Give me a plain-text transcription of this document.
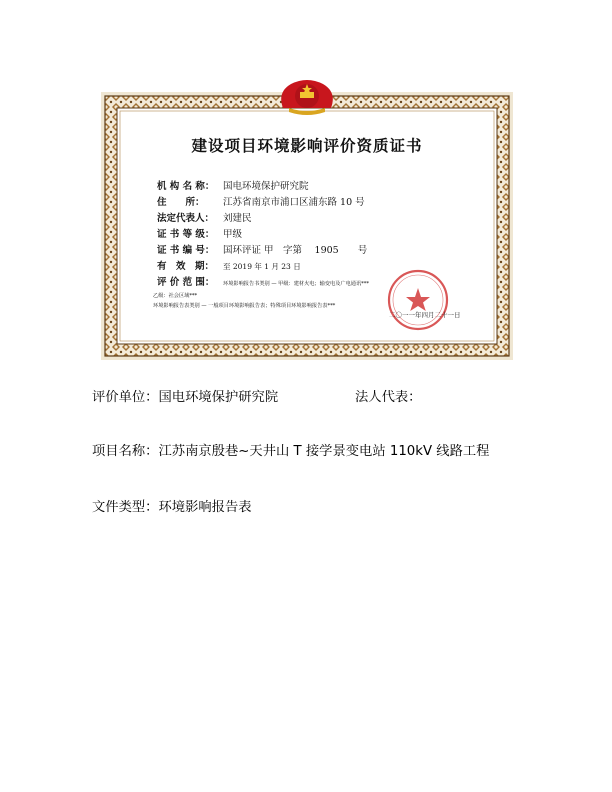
建设项目环境影响评价资质证书
机 构 名 称： 国电环境保护研究院
住　　所： 江苏省南京市浦口区浦东路 10 号
法定代表人： 刘建民
证 书 等 级： 甲级
证 书 编 号： 国环评证 甲　字第　 1905　　号
有　效　期： 至 2019 年 1 月 23 日
评 价 范 围： 环境影响报告书类别 — 甲级：建材火电；输变电及广电通讯***
乙级：社会区域***
环境影响报告表类别 — 一般项目环境影响报告表；特殊项目环境影响报告表***
二〇一一年四月二十一日
评价单位：国电环境保护研究院	法人代表：
项目名称：江苏南京殷巷~天井山 T 接学景变电站 110kV 线路工程
文件类型：环境影响报告表
